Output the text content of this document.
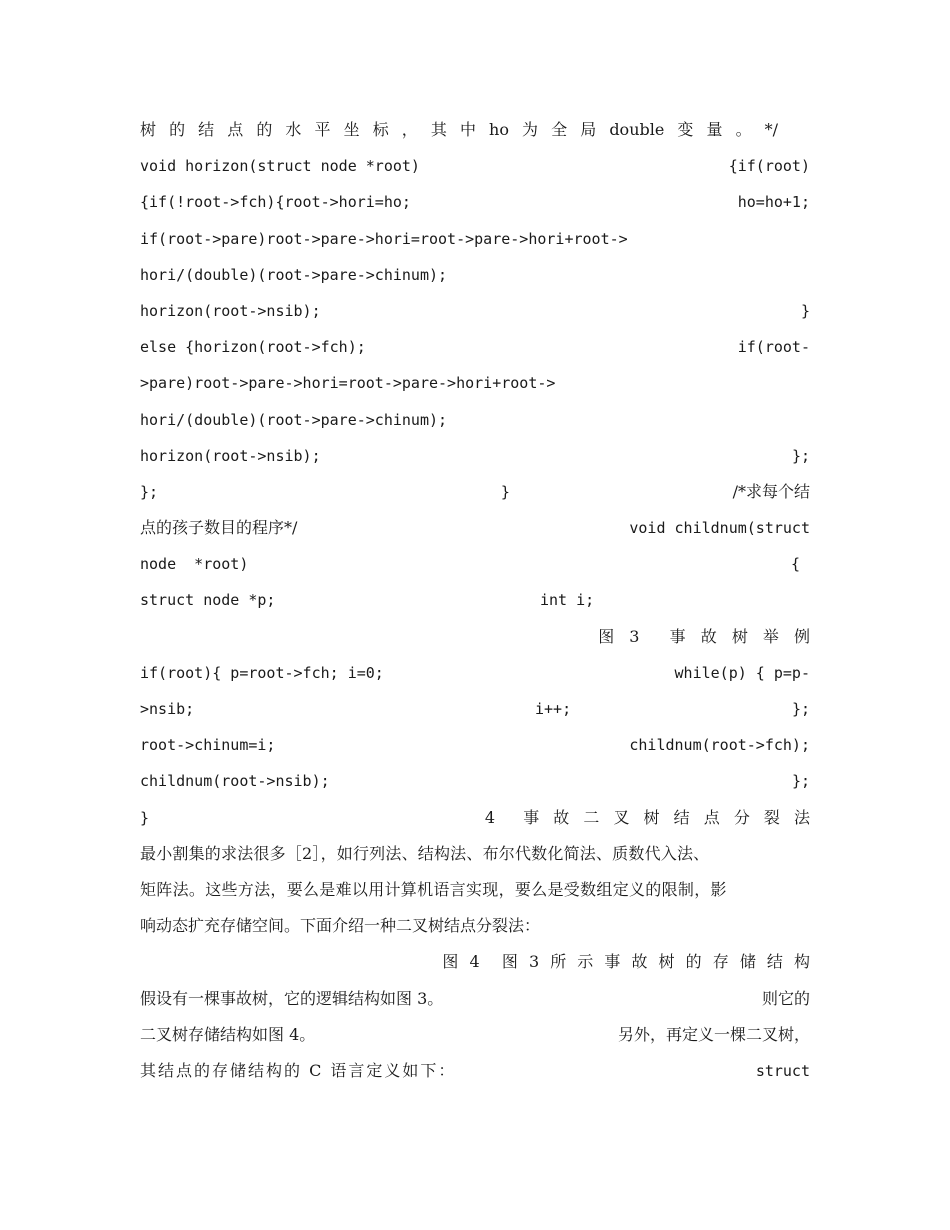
树 的 结 点 的 水 平 坐 标 ， 其 中 ho 为 全 局 double 变 量 。 */
void horizon(struct node *root)	{if(root)
{if(!root->fch){root->hori=ho;	ho=ho+1;
if(root->pare)root->pare->hori=root->pare->hori+root->
hori/(double)(root->pare->chinum);
horizon(root->nsib);	}
else {horizon(root->fch);	if(root-
>pare)root->pare->hori=root->pare->hori+root->
hori/(double)(root->pare->chinum);
horizon(root->nsib);	};
};	}	/*求每个结
点的孩子数目的程序*/	void childnum(struct
node  *root)	{
struct node *p;	int i;
图 3  事 故 树 举 例
if(root){ p=root->fch; i=0;	while(p) { p=p-
>nsib;	i++;	};
root->chinum=i;	childnum(root->fch);
childnum(root->nsib);	};
}	4  事 故 二 叉 树 结 点 分 裂 法
最小割集的求法很多［2］，如行列法、结构法、布尔代数化简法、质数代入法、
矩阵法。这些方法，要么是难以用计算机语言实现，要么是受数组定义的限制，影
响动态扩充存储空间。下面介绍一种二叉树结点分裂法：
图 4  图 3 所 示 事 故 树 的 存 储 结 构
假设有一棵事故树，它的逻辑结构如图 3。	则它的
二叉树存储结构如图 4。	另外，再定义一棵二叉树，
其结点的存储结构的 C 语言定义如下：	struct
